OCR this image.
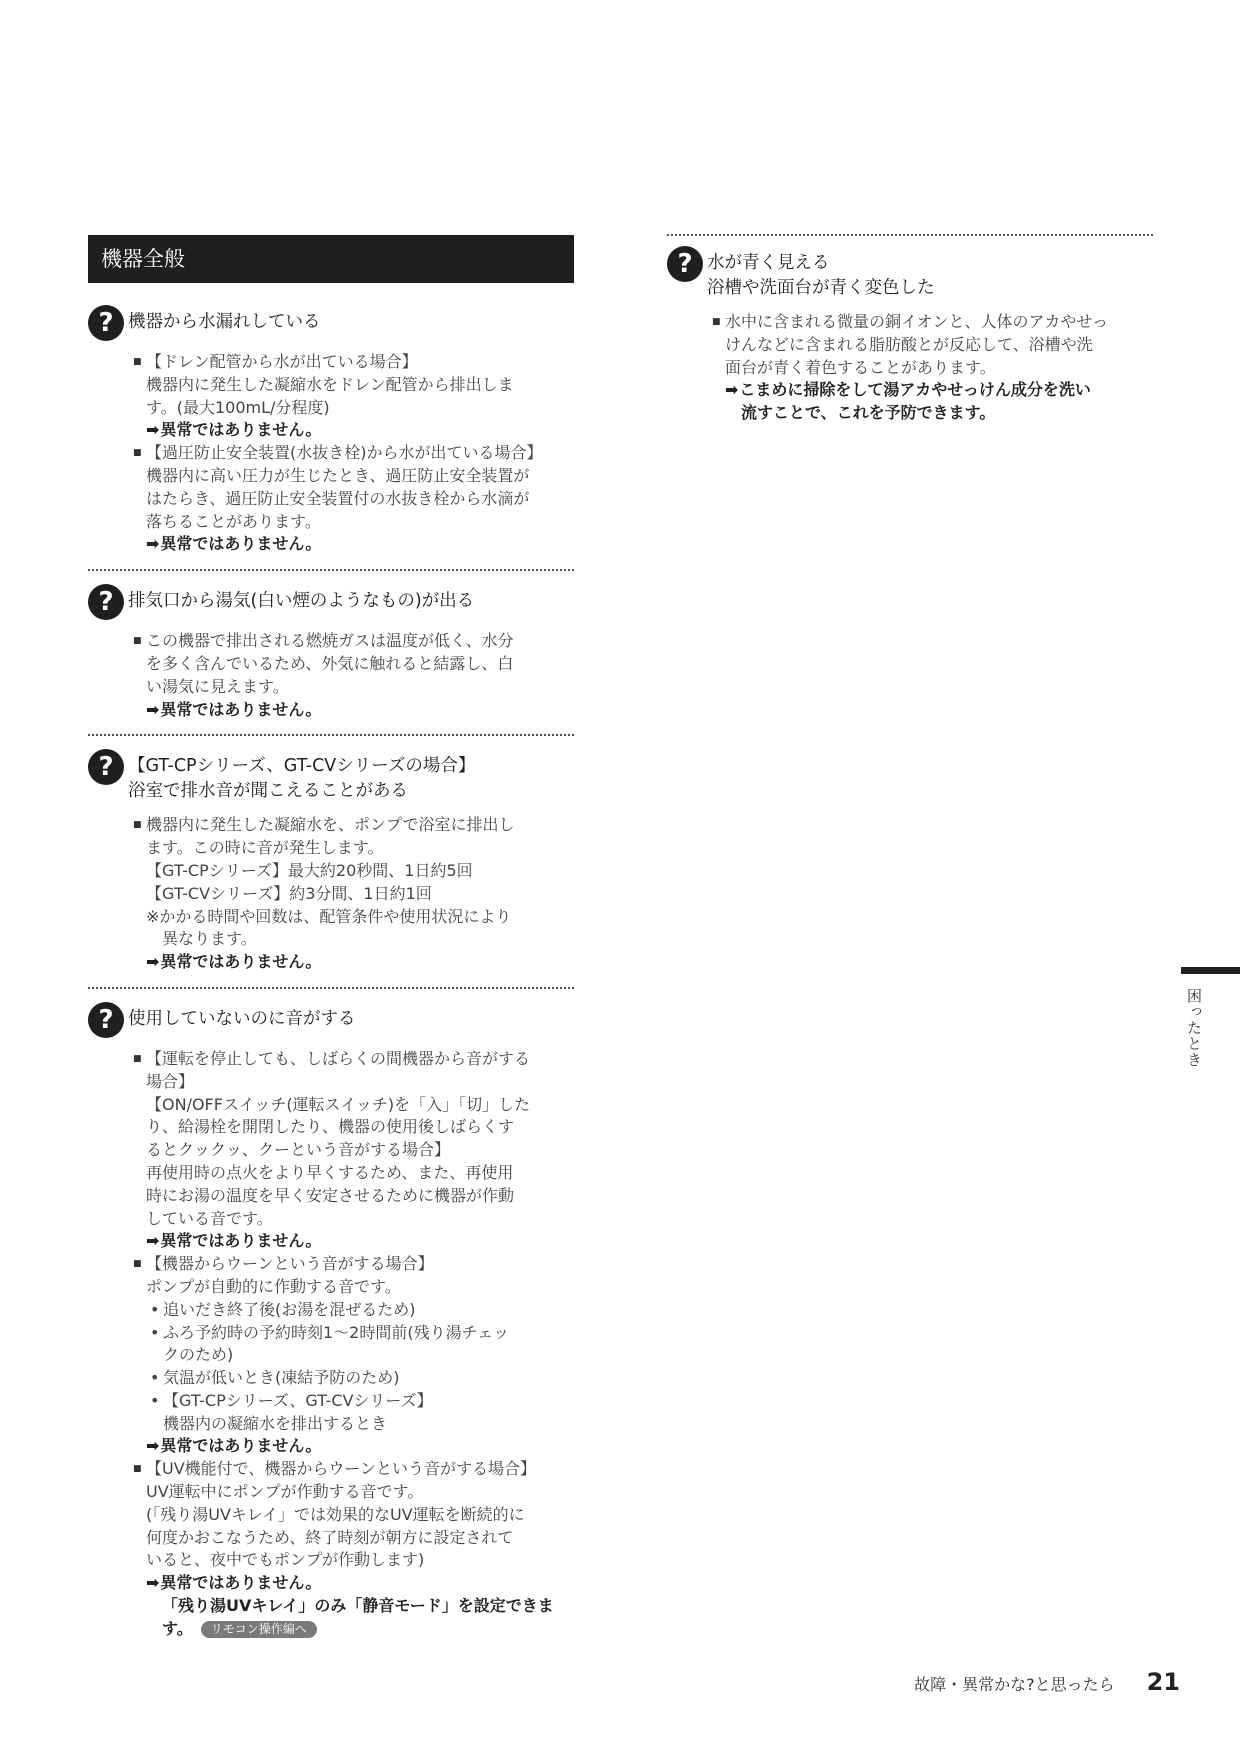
機器全般
? 機器から水漏れしている
■ 【ドレン配管から水が出ている場合】
機器内に発生した凝縮水をドレン配管から排出しま
す。(最大100mL/分程度)
➡異常ではありません。
■ 【過圧防止安全装置(水抜き栓)から水が出ている場合】
機器内に高い圧力が生じたとき、過圧防止安全装置が
はたらき、過圧防止安全装置付の水抜き栓から水滴が
落ちることがあります。
➡異常ではありません。
? 排気口から湯気(白い煙のようなもの)が出る
■ この機器で排出される燃焼ガスは温度が低く、水分
を多く含んでいるため、外気に触れると結露し、白
い湯気に見えます。
➡異常ではありません。
? 【GT-CPシリーズ、GT-CVシリーズの場合】
浴室で排水音が聞こえることがある
■ 機器内に発生した凝縮水を、ポンプで浴室に排出し
ます。この時に音が発生します。
【GT-CPシリーズ】最大約20秒間、1日約5回
【GT-CVシリーズ】約3分間、1日約1回
※かかる時間や回数は、配管条件や使用状況により
異なります。
➡異常ではありません。
? 使用していないのに音がする
■ 【運転を停止しても、しばらくの間機器から音がする
場合】
【ON/OFFスイッチ(運転スイッチ)を「入」「切」した
り、給湯栓を開閉したり、機器の使用後しばらくす
るとクックッ、クーという音がする場合】
再使用時の点火をより早くするため、また、再使用
時にお湯の温度を早く安定させるために機器が作動
している音です。
➡異常ではありません。
■ 【機器からウーンという音がする場合】
ポンプが自動的に作動する音です。
• 追いだき終了後(お湯を混ぜるため)
• ふろ予約時の予約時刻1〜2時間前(残り湯チェッ
クのため)
• 気温が低いとき(凍結予防のため)
• 【GT-CPシリーズ、GT-CVシリーズ】
機器内の凝縮水を排出するとき
➡異常ではありません。
■ 【UV機能付で、機器からウーンという音がする場合】
UV運転中にポンプが作動する音です。
(「残り湯UVキレイ」では効果的なUV運転を断続的に
何度かおこなうため、終了時刻が朝方に設定されて
いると、夜中でもポンプが作動します)
➡異常ではありません。
「残り湯UVキレイ」のみ「静音モード」を設定できま
す。 リモコン操作編へ
? 水が青く見える
浴槽や洗面台が青く変色した
■ 水中に含まれる微量の銅イオンと、人体のアカやせっ
けんなどに含まれる脂肪酸とが反応して、浴槽や洗
面台が青く着色することがあります。
➡こまめに掃除をして湯アカやせっけん成分を洗い
流すことで、これを予防できます。
困ったとき
故障・異常かな?と思ったら 21
